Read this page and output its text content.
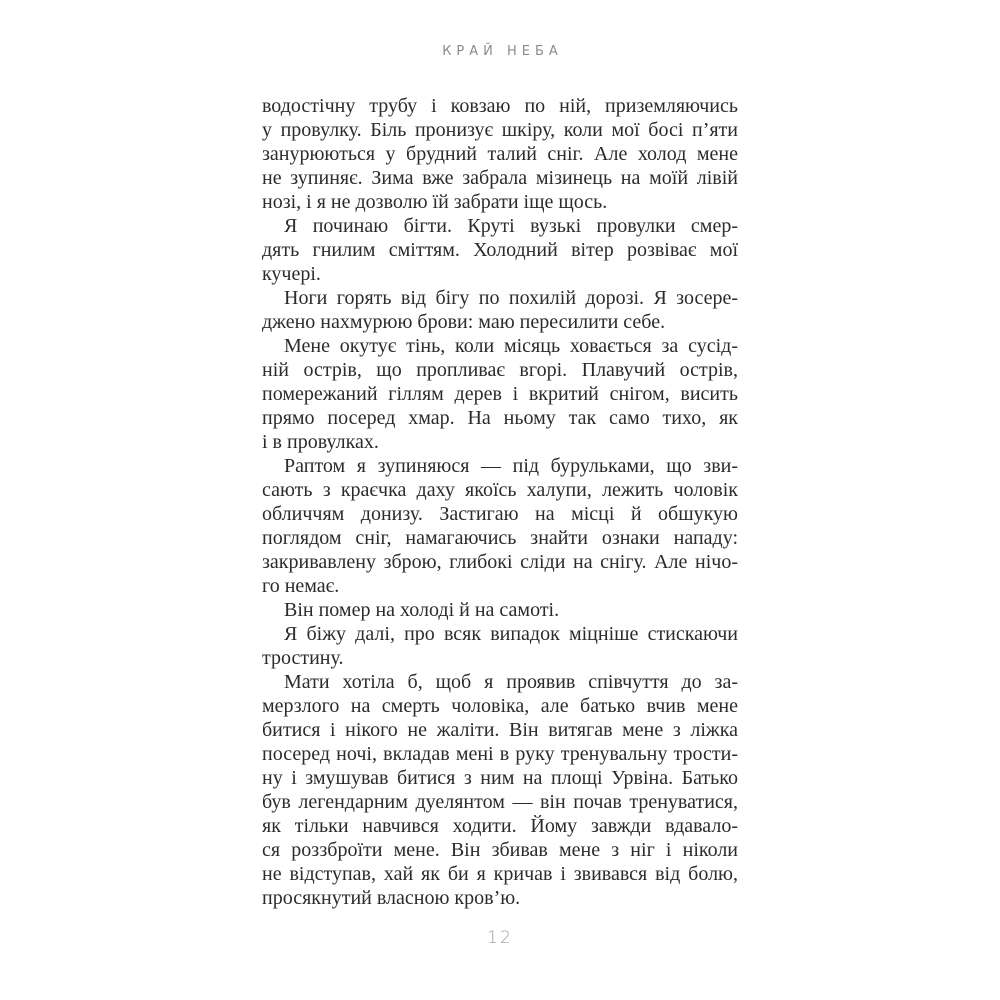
КРАЙ НЕБА
водостічну трубу і ковзаю по ній, приземляючись
у провулку. Біль пронизує шкіру, коли мої босі п’яти
занурюються у брудний талий сніг. Але холод мене
не зупиняє. Зима вже забрала мізинець на моїй лівій
нозі, і я не дозволю їй забрати іще щось.
Я починаю бігти. Круті вузькі провулки смер-
дять гнилим сміттям. Холодний вітер розвіває мої
кучері.
Ноги горять від бігу по похилій дорозі. Я зосере-
джено нахмурюю брови: маю пересилити себе.
Мене окутує тінь, коли місяць ховається за сусід-
ній острів, що пропливає вгорі. Плавучий острів,
помережаний гіллям дерев і вкритий снігом, висить
прямо посеред хмар. На ньому так само тихо, як
і в провулках.
Раптом я зупиняюся — під бурульками, що зви-
сають з краєчка даху якоїсь халупи, лежить чоловік
обличчям донизу. Застигаю на місці й обшукую
поглядом сніг, намагаючись знайти ознаки нападу:
закривавлену зброю, глибокі сліди на снігу. Але нічо-
го немає.
Він помер на холоді й на самоті.
Я біжу далі, про всяк випадок міцніше стискаючи
тростину.
Мати хотіла б, щоб я проявив співчуття до за-
мерзлого на смерть чоловіка, але батько вчив мене
битися і нікого не жаліти. Він витягав мене з ліжка
посеред ночі, вкладав мені в руку тренувальну трости-
ну і змушував битися з ним на площі Урвіна. Батько
був легендарним дуелянтом — він почав тренуватися,
як тільки навчився ходити. Йому завжди вдавало-
ся роззброїти мене. Він збивав мене з ніг і ніколи
не відступав, хай як би я кричав і звивався від болю,
просякнутий власною кров’ю.
12
